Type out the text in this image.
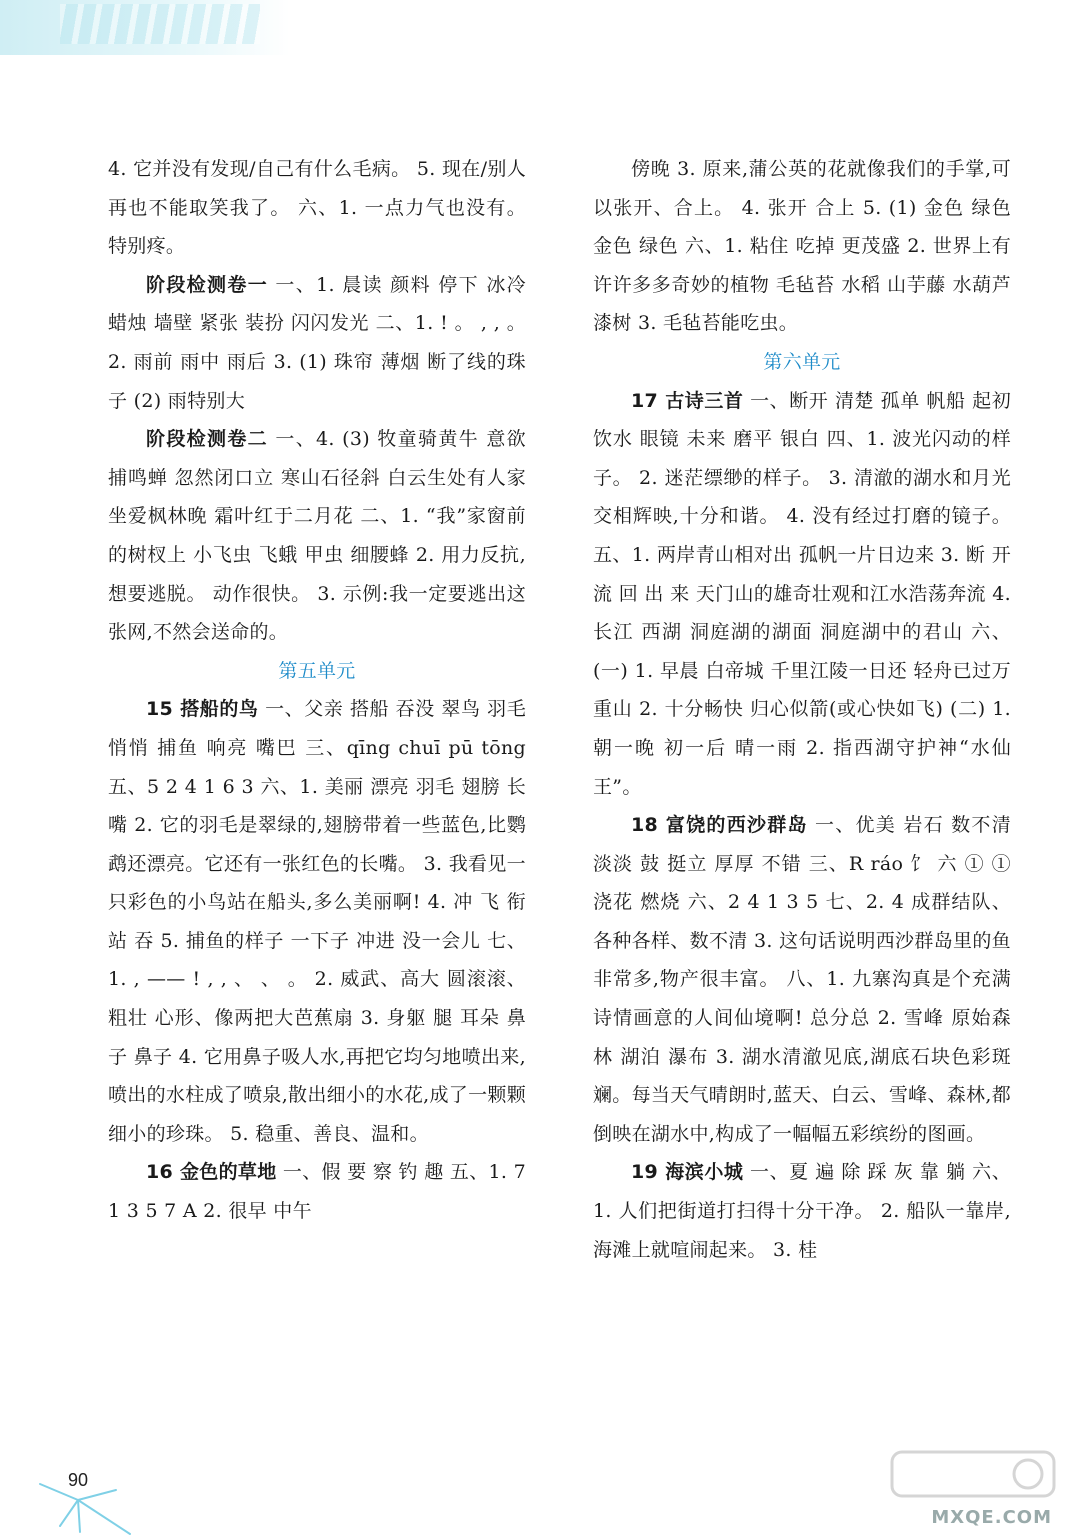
4. 它并没有发现/自己有什么毛病。 5. 现在/别人再也不能取笑我了。 六、1. 一点力气也没有。 特别疼。

阶段检测卷一 一、1. 晨读 颜料 停下 冰冷 蜡烛 墙壁 紧张 装扮 闪闪发光 二、1. ! 。 , , 。 2. 雨前 雨中 雨后 3. (1) 珠帘 薄烟 断了线的珠子 (2) 雨特别大

阶段检测卷二 一、4. (3) 牧童骑黄牛 意欲捕鸣蝉 忽然闭口立 寒山石径斜 白云生处有人家 坐爱枫林晚 霜叶红于二月花 二、1. “我”家窗前的树杈上 小飞虫 飞蛾 甲虫 细腰蜂 2. 用力反抗,想要逃脱。 动作很快。 3. 示例:我一定要逃出这张网,不然会送命的。

第五单元

15 搭船的鸟 一、父亲 搭船 吞没 翠鸟 羽毛 悄悄 捕鱼 响亮 嘴巴 三、qīng chuī pū tōng 五、5 2 4 1 6 3 六、1. 美丽 漂亮 羽毛 翅膀 长嘴 2. 它的羽毛是翠绿的,翅膀带着一些蓝色,比鹦鹉还漂亮。它还有一张红色的长嘴。 3. 我看见一只彩色的小鸟站在船头,多么美丽啊! 4. 冲 飞 衔 站 吞 5. 捕鱼的样子 一下子 冲进 没一会儿 七、1. , —— ! , , 、 、 。 2. 威武、高大 圆滚滚、粗壮 心形、像两把大芭蕉扇 3. 身躯 腿 耳朵 鼻子 鼻子 4. 它用鼻子吸人水,再把它均匀地喷出来,喷出的水柱成了喷泉,散出细小的水花,成了一颗颗细小的珍珠。 5. 稳重、善良、温和。

16 金色的草地 一、假 要 察 钓 趣 五、1. 7 1 3 5 7 A 2. 很早 中午

傍晚 3. 原来,蒲公英的花就像我们的手掌,可以张开、合上。 4. 张开 合上 5. (1) 金色 绿色 金色 绿色 六、1. 粘住 吃掉 更茂盛 2. 世界上有许许多多奇妙的植物 毛毡苔 水稻 山芋藤 水葫芦 漆树 3. 毛毡苔能吃虫。

第六单元

17 古诗三首 一、断开 清楚 孤单 帆船 起初 饮水 眼镜 未来 磨平 银白 四、1. 波光闪动的样子。 2. 迷茫缥缈的样子。 3. 清澈的湖水和月光交相辉映,十分和谐。 4. 没有经过打磨的镜子。 五、1. 两岸青山相对出 孤帆一片日边来 3. 断 开 流 回 出 来 天门山的雄奇壮观和江水浩荡奔流 4. 长江 西湖 洞庭湖的湖面 洞庭湖中的君山 六、(一) 1. 早晨 白帝城 千里江陵一日还 轻舟已过万重山 2. 十分畅快 归心似箭(或心快如飞) (二) 1. 朝一晚 初一后 晴一雨 2. 指西湖守护神“水仙王”。

18 富饶的西沙群岛 一、优美 岩石 数不清 淡淡 鼓 挺立 厚厚 不错 三、R ráo 饣 六 ① ① 浇花 燃烧 六、2 4 1 3 5 七、2. 4 成群结队、各种各样、数不清 3. 这句话说明西沙群岛里的鱼非常多,物产很丰富。 八、1. 九寨沟真是个充满诗情画意的人间仙境啊! 总分总 2. 雪峰 原始森林 湖泊 瀑布 3. 湖水清澈见底,湖底石块色彩斑斓。每当天气晴朗时,蓝天、白云、雪峰、森林,都倒映在湖水中,构成了一幅幅五彩缤纷的图画。

19 海滨小城 一、夏 遍 除 踩 灰 靠 躺 六、1. 人们把街道打扫得十分干净。 2. 船队一靠岸,海滩上就喧闹起来。 3. 桂

90
MXQE.COM
